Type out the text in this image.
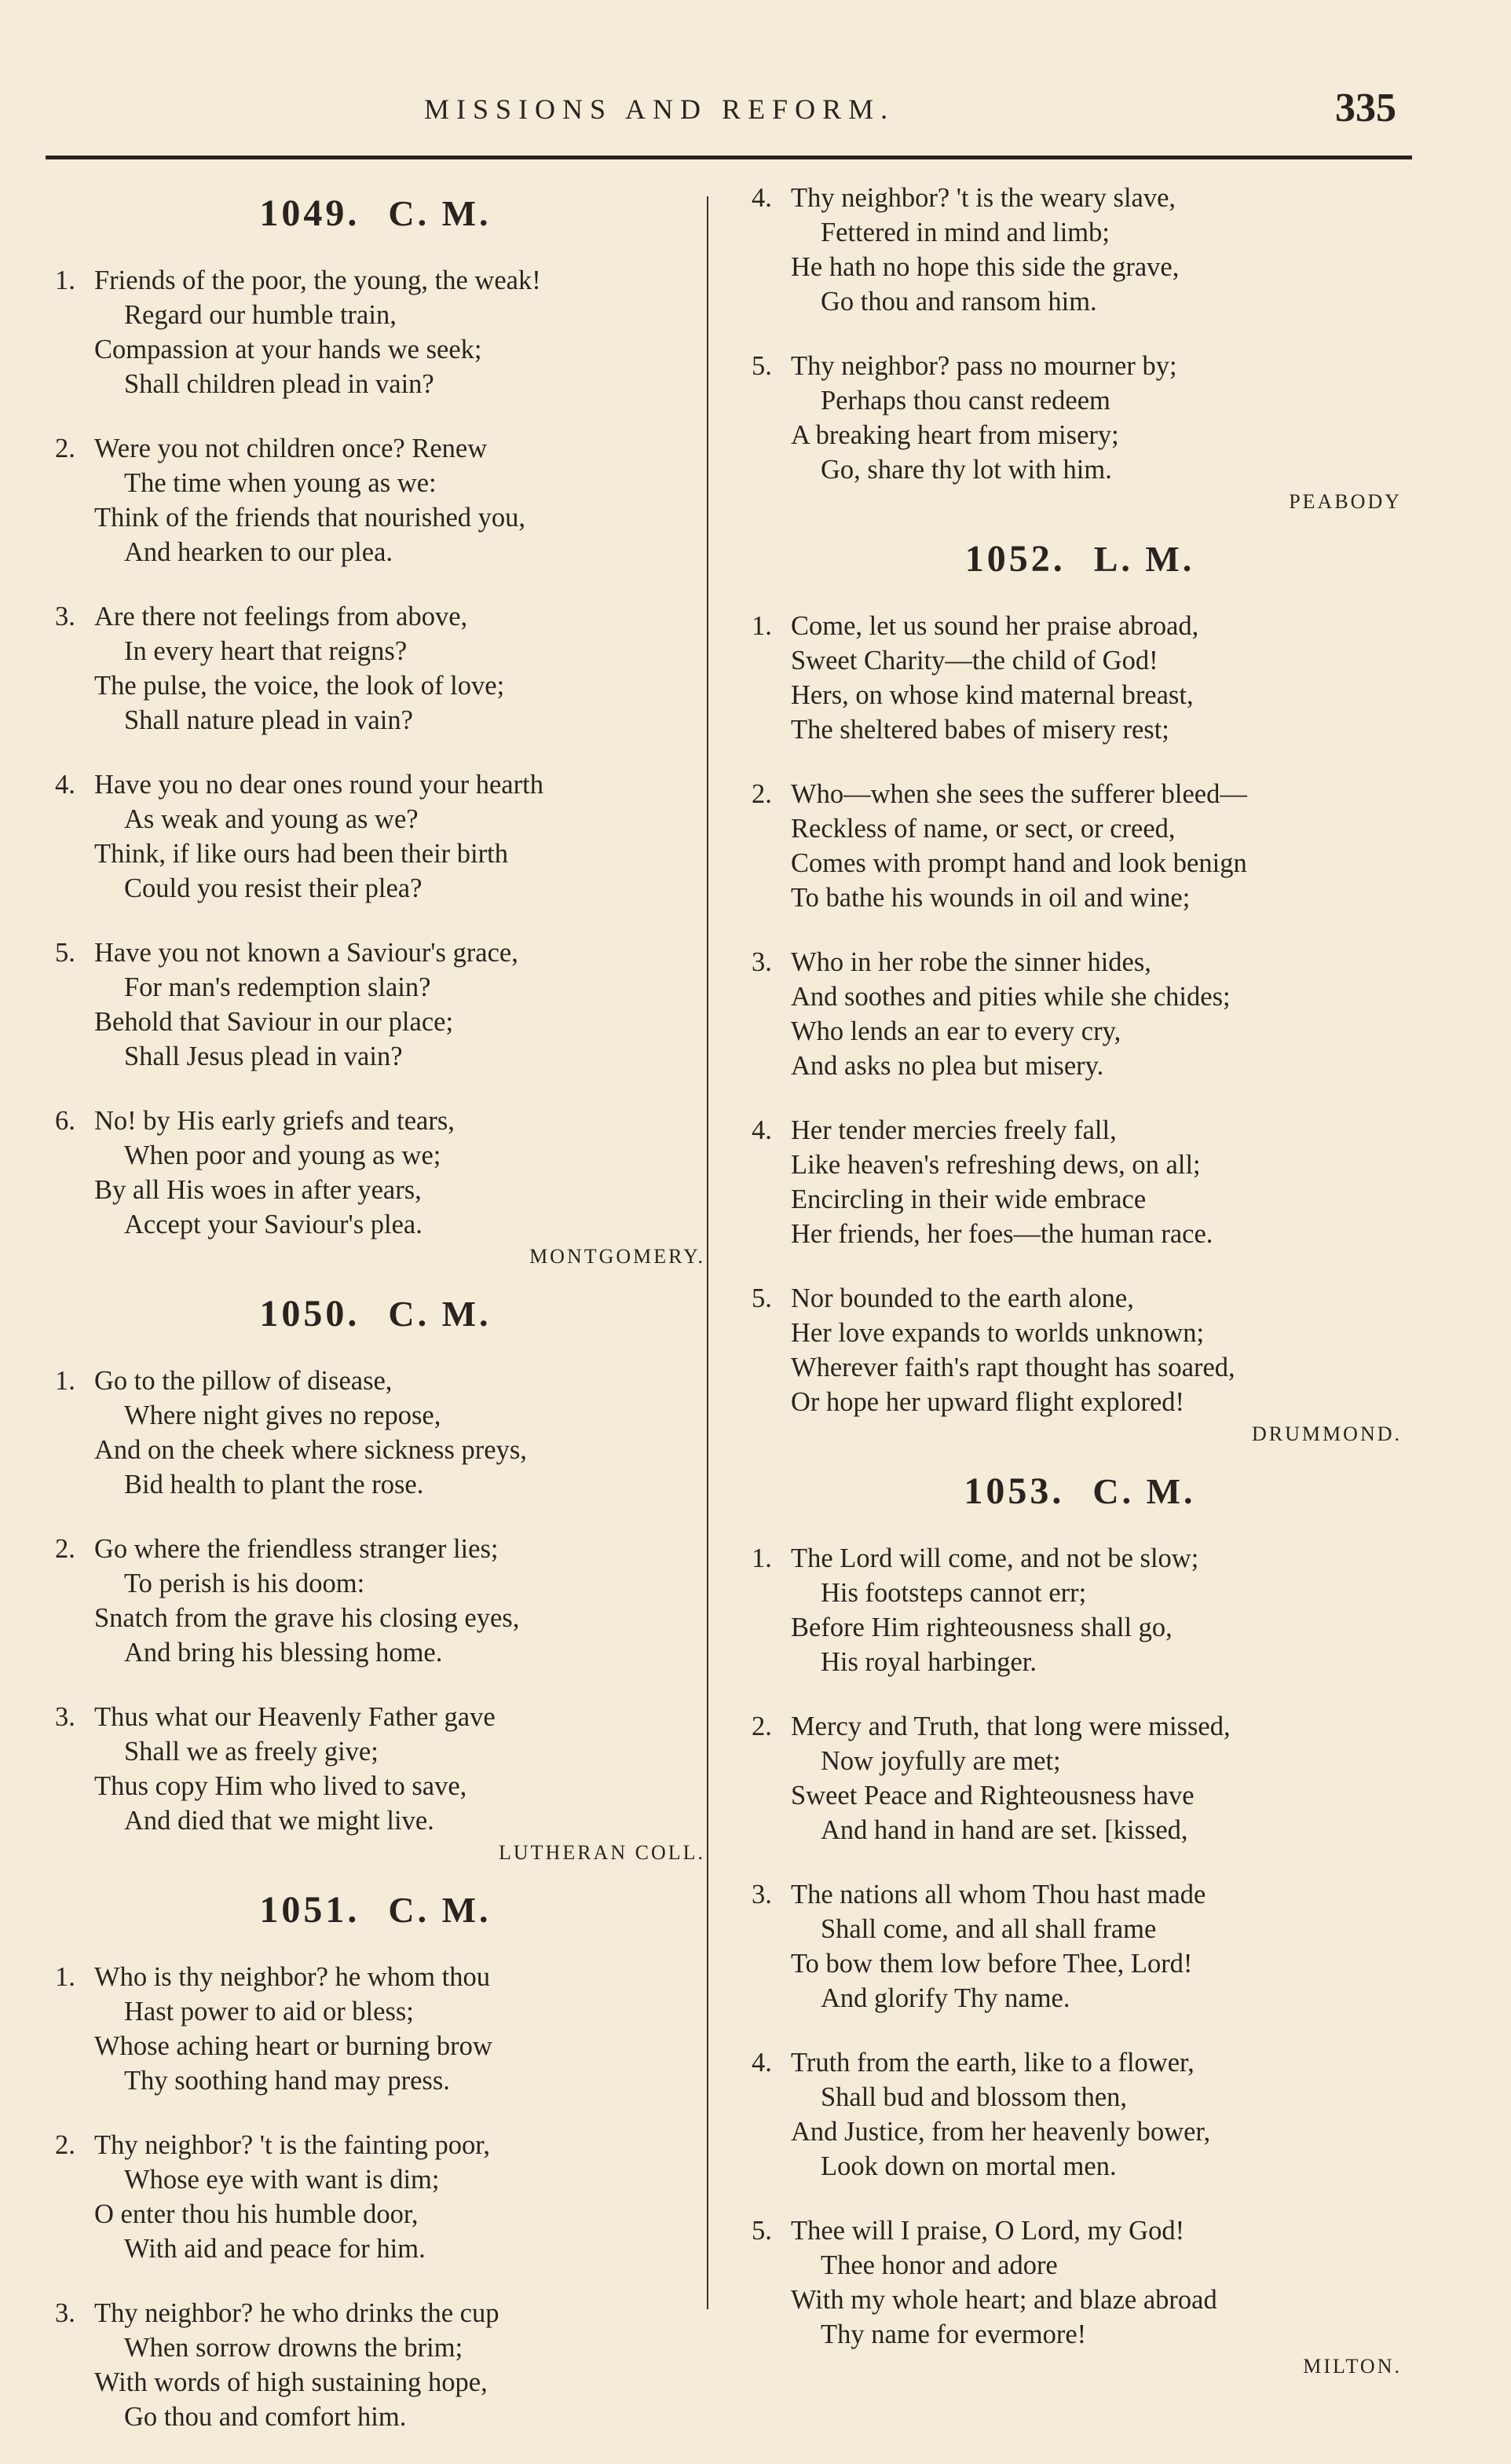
MISSIONS AND REFORM.	335
1049. C. M.
1. Friends of the poor, the young, the weak!
Regard our humble train,
Compassion at your hands we seek;
Shall children plead in vain?
2. Were you not children once? Renew
The time when young as we:
Think of the friends that nourished you,
And hearken to our plea.
3. Are there not feelings from above,
In every heart that reigns?
The pulse, the voice, the look of love;
Shall nature plead in vain?
4. Have you no dear ones round your hearth
As weak and young as we?
Think, if like ours had been their birth
Could you resist their plea?
5. Have you not known a Saviour's grace,
For man's redemption slain?
Behold that Saviour in our place;
Shall Jesus plead in vain?
6. No! by His early griefs and tears,
When poor and young as we;
By all His woes in after years,
Accept your Saviour's plea.
MONTGOMERY.
1050. C. M.
1. Go to the pillow of disease,
Where night gives no repose,
And on the cheek where sickness preys,
Bid health to plant the rose.
2. Go where the friendless stranger lies;
To perish is his doom:
Snatch from the grave his closing eyes,
And bring his blessing home.
3. Thus what our Heavenly Father gave
Shall we as freely give;
Thus copy Him who lived to save,
And died that we might live.
LUTHERAN COLL.
1051. C. M.
1. Who is thy neighbor? he whom thou
Hast power to aid or bless;
Whose aching heart or burning brow
Thy soothing hand may press.
2. Thy neighbor? 't is the fainting poor,
Whose eye with want is dim;
O enter thou his humble door,
With aid and peace for him.
3. Thy neighbor? he who drinks the cup
When sorrow drowns the brim;
With words of high sustaining hope,
Go thou and comfort him.
4. Thy neighbor? 't is the weary slave,
Fettered in mind and limb;
He hath no hope this side the grave,
Go thou and ransom him.
5. Thy neighbor? pass no mourner by;
Perhaps thou canst redeem
A breaking heart from misery;
Go, share thy lot with him.
PEABODY
1052. L. M.
1. Come, let us sound her praise abroad,
Sweet Charity—the child of God!
Hers, on whose kind maternal breast,
The sheltered babes of misery rest;
2. Who—when she sees the sufferer bleed—
Reckless of name, or sect, or creed,
Comes with prompt hand and look benign
To bathe his wounds in oil and wine;
3. Who in her robe the sinner hides,
And soothes and pities while she chides;
Who lends an ear to every cry,
And asks no plea but misery.
4. Her tender mercies freely fall,
Like heaven's refreshing dews, on all;
Encircling in their wide embrace
Her friends, her foes—the human race.
5. Nor bounded to the earth alone,
Her love expands to worlds unknown;
Wherever faith's rapt thought has soared,
Or hope her upward flight explored!
DRUMMOND.
1053. C. M.
1. The Lord will come, and not be slow;
His footsteps cannot err;
Before Him righteousness shall go,
His royal harbinger.
2. Mercy and Truth, that long were missed,
Now joyfully are met;
Sweet Peace and Righteousness have
And hand in hand are set. [kissed,
3. The nations all whom Thou hast made
Shall come, and all shall frame
To bow them low before Thee, Lord!
And glorify Thy name.
4. Truth from the earth, like to a flower,
Shall bud and blossom then,
And Justice, from her heavenly bower,
Look down on mortal men.
5. Thee will I praise, O Lord, my God!
Thee honor and adore
With my whole heart; and blaze abroad
Thy name for evermore!
MILTON.
